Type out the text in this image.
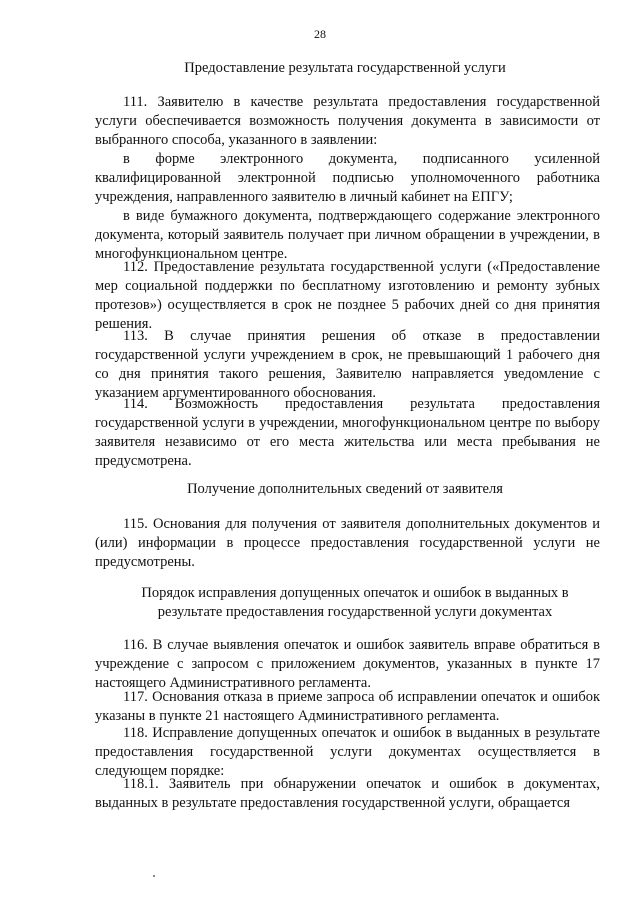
28
Предоставление результата государственной услуги

111. Заявителю в качестве результата предоставления государственной услуги обеспечивается возможность получения документа в зависимости от выбранного способа, указанного в заявлении:

в форме электронного документа, подписанного усиленной квалифицированной электронной подписью уполномоченного работника учреждения, направленного заявителю в личный кабинет на ЕПГУ;

в виде бумажного документа, подтверждающего содержание электронного документа, который заявитель получает при личном обращении в учреждении, в многофункциональном центре.

112. Предоставление результата государственной услуги («Предоставление мер социальной поддержки по бесплатному изготовлению и ремонту зубных протезов») осуществляется в срок не позднее 5 рабочих дней со дня принятия решения.

113. В случае принятия решения об отказе в предоставлении государственной услуги учреждением в срок, не превышающий 1 рабочего дня со дня принятия такого решения, Заявителю направляется уведомление с указанием аргументированного обоснования.

114. Возможность предоставления результата предоставления государственной услуги в учреждении, многофункциональном центре по выбору заявителя независимо от его места жительства или места пребывания не предусмотрена.

Получение дополнительных сведений от заявителя

115. Основания для получения от заявителя дополнительных документов и (или) информации в процессе предоставления государственной услуги не предусмотрены.

Порядок исправления допущенных опечаток и ошибок в выданных в результате предоставления государственной услуги документах

116. В случае выявления опечаток и ошибок заявитель вправе обратиться в учреждение с запросом с приложением документов, указанных в пункте 17 настоящего Административного регламента.

117. Основания отказа в приеме запроса об исправлении опечаток и ошибок указаны в пункте 21 настоящего Административного регламента.

118. Исправление допущенных опечаток и ошибок в выданных в результате предоставления государственной услуги документах осуществляется в следующем порядке:

118.1. Заявитель при обнаружении опечаток и ошибок в документах, выданных в результате предоставления государственной услуги, обращается
